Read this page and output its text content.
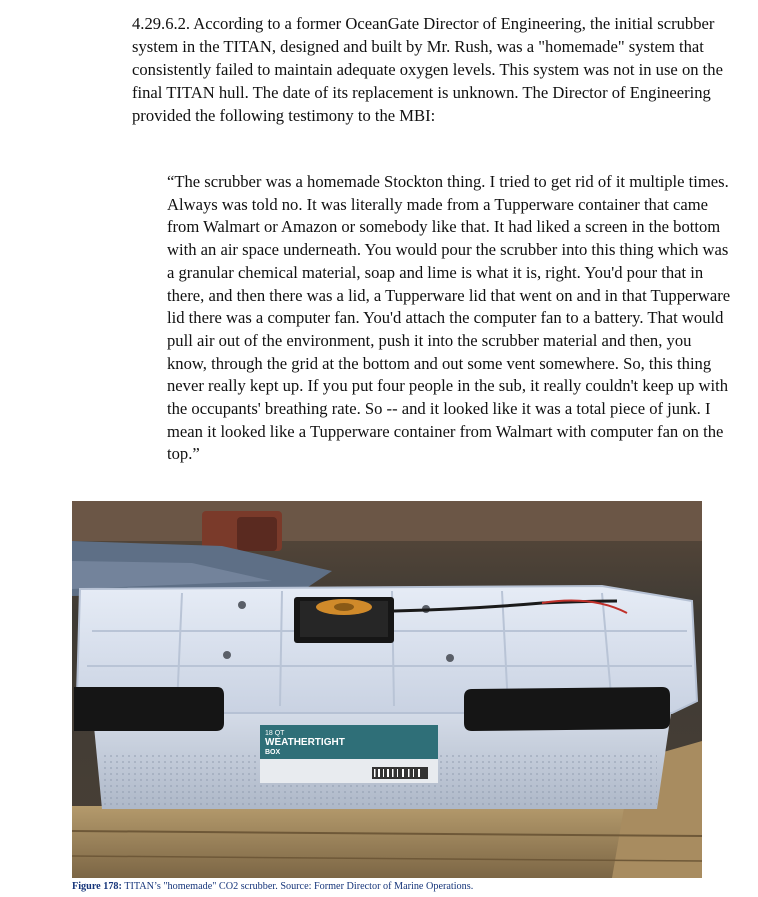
4.29.6.2. According to a former OceanGate Director of Engineering, the initial scrubber system in the TITAN, designed and built by Mr. Rush, was a "homemade" system that consistently failed to maintain adequate oxygen levels. This system was not in use on the final TITAN hull. The date of its replacement is unknown. The Director of Engineering provided the following testimony to the MBI:

“The scrubber was a homemade Stockton thing. I tried to get rid of it multiple times. Always was told no. It was literally made from a Tupperware container that came from Walmart or Amazon or somebody like that. It had liked a screen in the bottom with an air space underneath. You would pour the scrubber into this thing which was a granular chemical material, soap and lime is what it is, right. You'd pour that in there, and then there was a lid, a Tupperware lid that went on and in that Tupperware lid there was a computer fan. You'd attach the computer fan to a battery. That would pull air out of the environment, push it into the scrubber material and then, you know, through the grid at the bottom and out some vent somewhere. So, this thing never really kept up. If you put four people in the sub, it really couldn't keep up with the occupants' breathing rate. So -- and it looked like it was a total piece of junk. I mean it looked like a Tupperware container from Walmart with computer fan on the top.”

18 QT
WEATHERTIGHT
BOX

Figure 178: TITAN’s "homemade" CO2 scrubber. Source: Former Director of Marine Operations.
